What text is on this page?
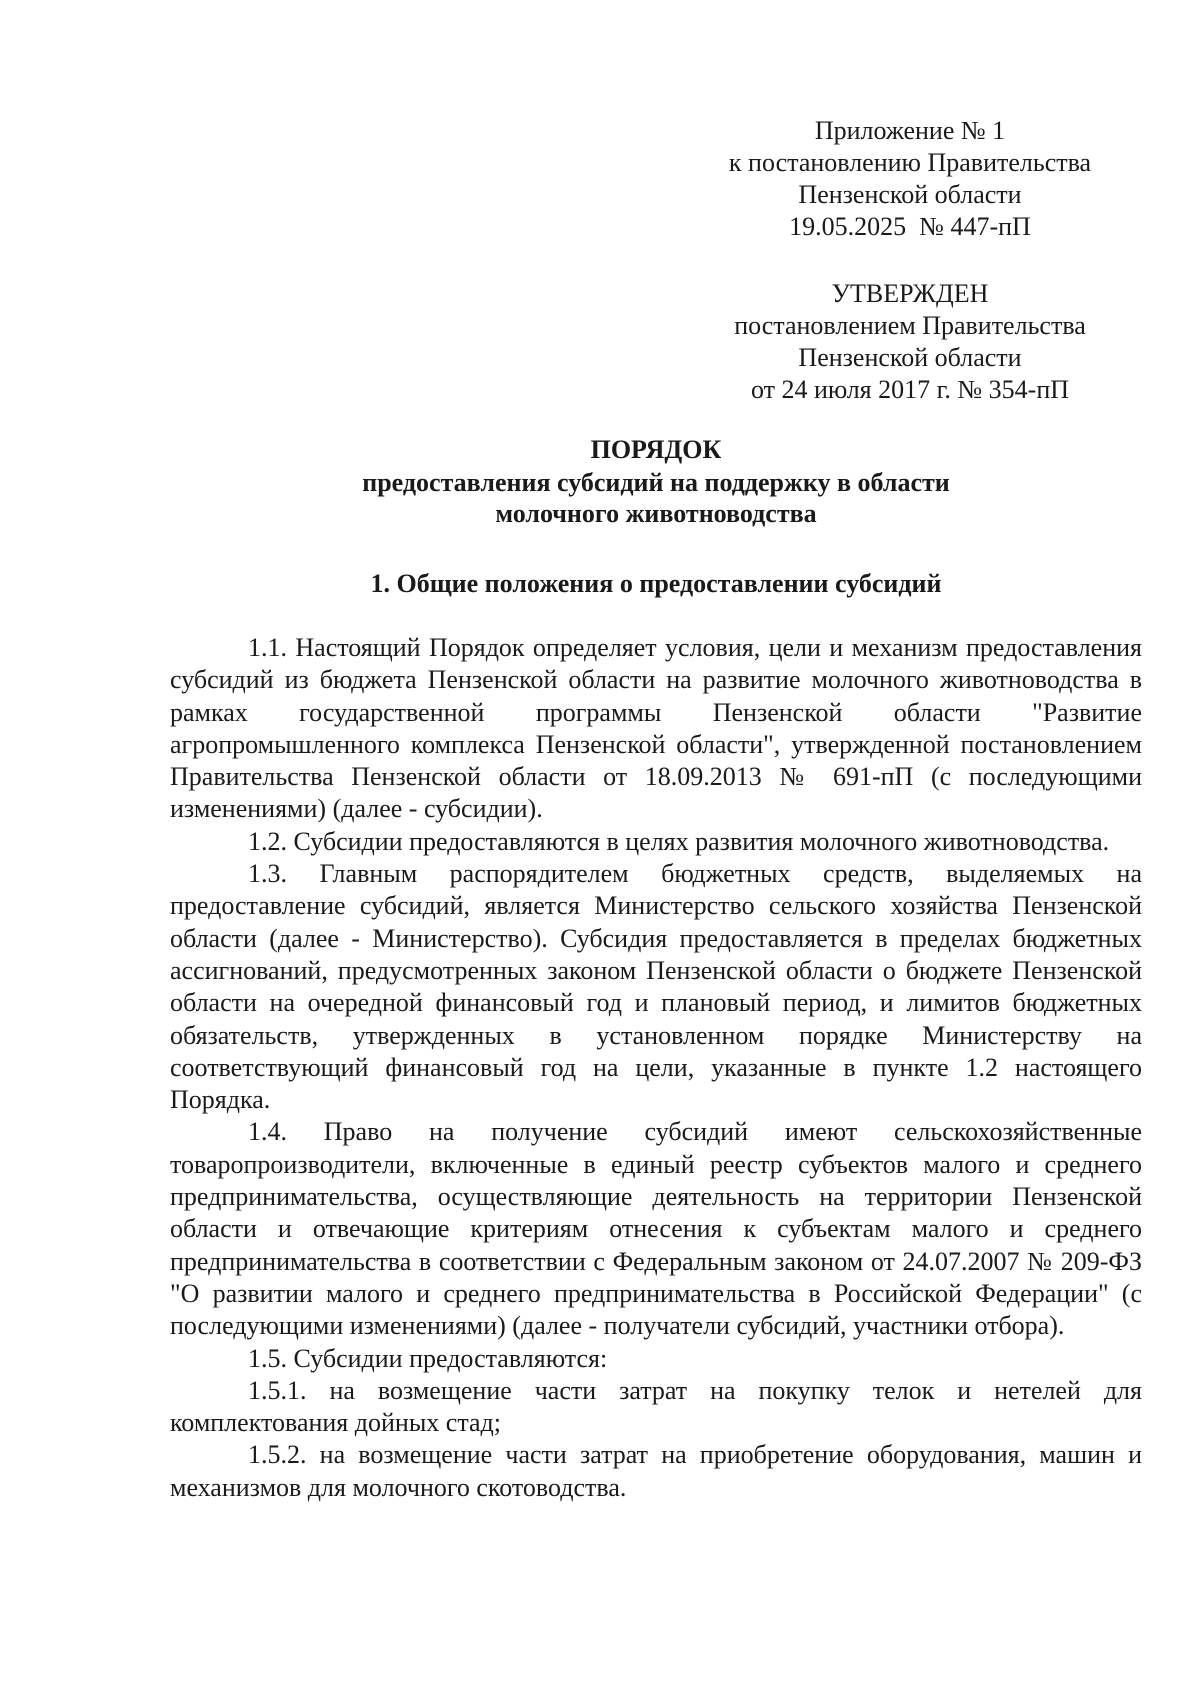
Приложение № 1
к постановлению Правительства
Пензенской области
19.05.2025  № 447-пП
УТВЕРЖДЕН
постановлением Правительства
Пензенской области
от 24 июля 2017 г. № 354-пП
ПОРЯДОК
предоставления субсидий на поддержку в области
молочного животноводства
1. Общие положения о предоставлении субсидий

1.1. Настоящий Порядок определяет условия, цели и механизм предоставления субсидий из бюджета Пензенской области на развитие молочного животноводства в рамках государственной программы Пензенской области "Развитие агропромышленного комплекса Пензенской области", утвержденной постановлением Правительства Пензенской области от 18.09.2013 № 691-пП (с последующими изменениями) (далее - субсидии).

1.2. Субсидии предоставляются в целях развития молочного животноводства.

1.3. Главным распорядителем бюджетных средств, выделяемых на предоставление субсидий, является Министерство сельского хозяйства Пензенской области (далее - Министерство). Субсидия предоставляется в пределах бюджетных ассигнований, предусмотренных законом Пензенской области о бюджете Пензенской области на очередной финансовый год и плановый период, и лимитов бюджетных обязательств, утвержденных в установленном порядке Министерству на соответствующий финансовый год на цели, указанные в пункте 1.2 настоящего Порядка.

1.4. Право на получение субсидий имеют сельскохозяйственные товаропроизводители, включенные в единый реестр субъектов малого и среднего предпринимательства, осуществляющие деятельность на территории Пензенской области и отвечающие критериям отнесения к субъектам малого и среднего предпринимательства в соответствии с Федеральным законом от 24.07.2007 № 209-ФЗ "О развитии малого и среднего предпринимательства в Российской Федерации" (с последующими изменениями) (далее - получатели субсидий, участники отбора).

1.5. Субсидии предоставляются:

1.5.1. на возмещение части затрат на покупку телок и нетелей для комплектования дойных стад;

1.5.2. на возмещение части затрат на приобретение оборудования, машин и механизмов для молочного скотоводства.
